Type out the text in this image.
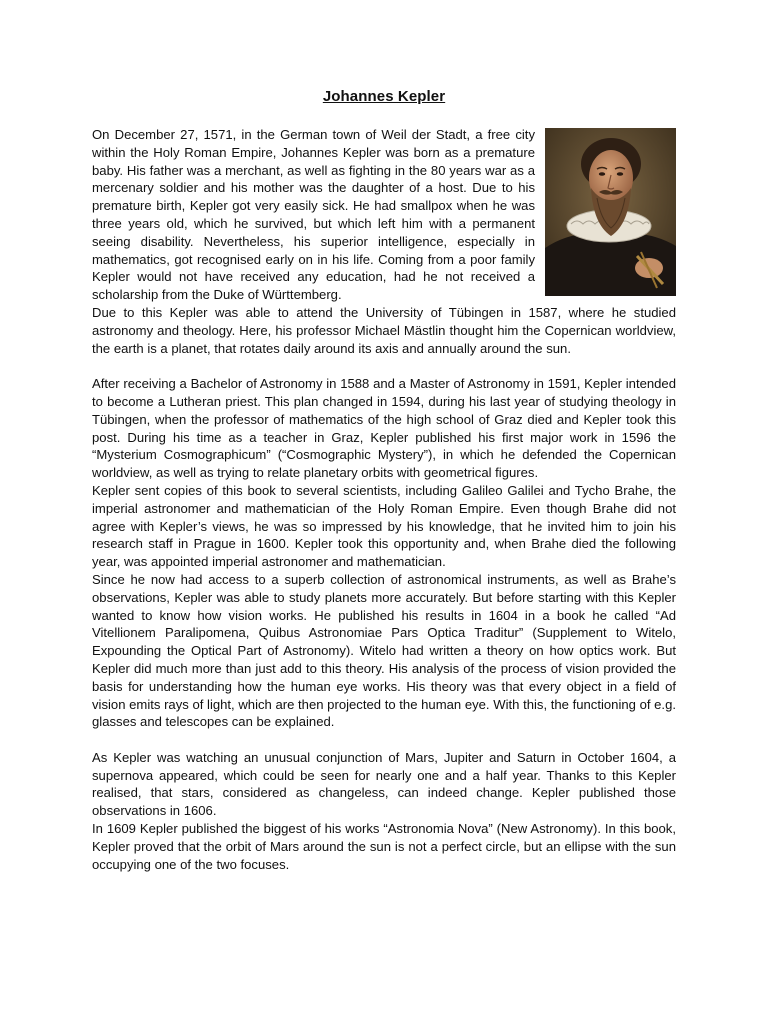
Johannes Kepler

On December 27, 1571, in the German town of Weil der Stadt, a free city within the Holy Roman Empire, Johannes Kepler was born as a premature baby. His father was a merchant, as well as fighting in the 80 years war as a mercenary soldier and his mother was the daughter of a host. Due to his premature birth, Kepler got very easily sick. He had smallpox when he was three years old, which he survived, but which left him with a permanent seeing disability. Nevertheless, his superior intelligence, especially in mathematics, got recognised early on in his life. Coming from a poor family Kepler would not have received any education, had he not received a scholarship from the Duke of Württemberg.

Due to this Kepler was able to attend the University of Tübingen in 1587, where he studied astronomy and theology. Here, his professor Michael Mästlin thought him the Copernican worldview, the earth is a planet, that rotates daily around its axis and annually around the sun.

After receiving a Bachelor of Astronomy in 1588 and a Master of Astronomy in 1591, Kepler intended to become a Lutheran priest. This plan changed in 1594, during his last year of studying theology in Tübingen, when the professor of mathematics of the high school of Graz died and Kepler took this post. During his time as a teacher in Graz, Kepler published his first major work in 1596 the “Mysterium Cosmographicum” (“Cosmographic Mystery”), in which he defended the Copernican worldview, as well as trying to relate planetary orbits with geometrical figures.

Kepler sent copies of this book to several scientists, including Galileo Galilei and Tycho Brahe, the imperial astronomer and mathematician of the Holy Roman Empire. Even though Brahe did not agree with Kepler’s views, he was so impressed by his knowledge, that he invited him to join his research staff in Prague in 1600. Kepler took this opportunity and, when Brahe died the following year, was appointed imperial astronomer and mathematician.

Since he now had access to a superb collection of astronomical instruments, as well as Brahe’s observations, Kepler was able to study planets more accurately. But before starting with this Kepler wanted to know how vision works. He published his results in 1604 in a book he called “Ad Vitellionem Paralipomena, Quibus Astronomiae Pars Optica Traditur” (Supplement to Witelo, Expounding the Optical Part of Astronomy). Witelo had written a theory on how optics work. But Kepler did much more than just add to this theory. His analysis of the process of vision provided the basis for understanding how the human eye works. His theory was that every object in a field of vision emits rays of light, which are then projected to the human eye. With this, the functioning of e.g. glasses and telescopes can be explained.

As Kepler was watching an unusual conjunction of Mars, Jupiter and Saturn in October 1604, a supernova appeared, which could be seen for nearly one and a half year. Thanks to this Kepler realised, that stars, considered as changeless, can indeed change. Kepler published those observations in 1606.

In 1609 Kepler published the biggest of his works “Astronomia Nova” (New Astronomy). In this book, Kepler proved that the orbit of Mars around the sun is not a perfect circle, but an ellipse with the sun occupying one of the two focuses.
